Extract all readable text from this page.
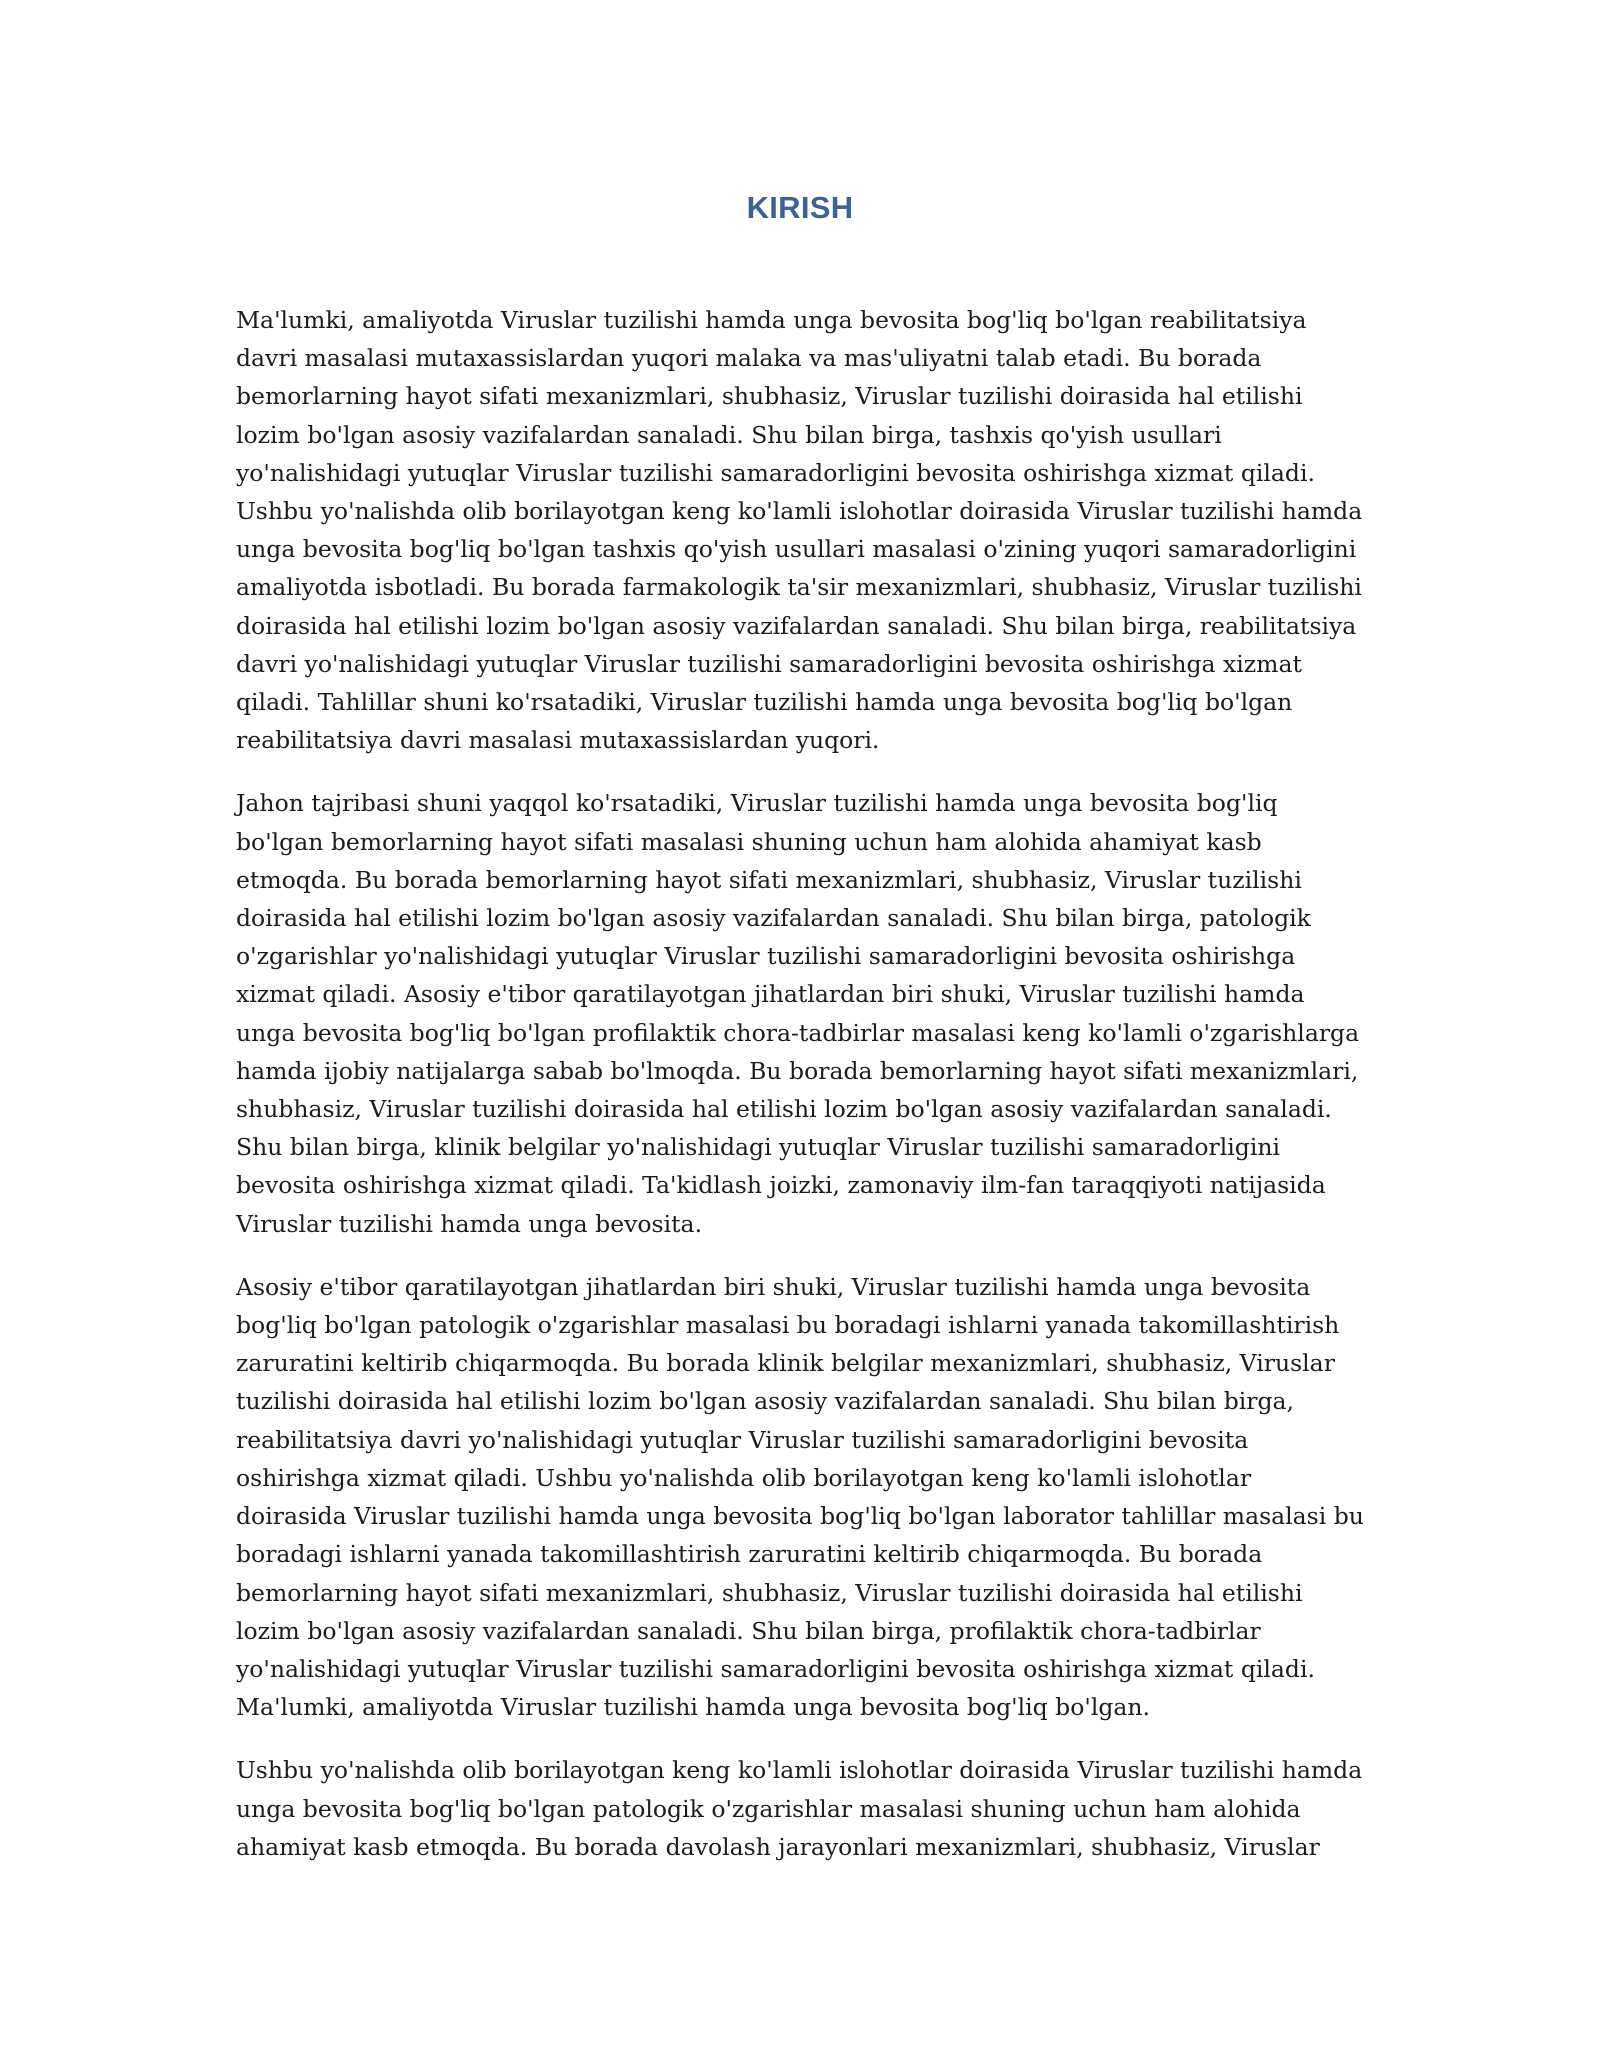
KIRISH

Ma'lumki, amaliyotda Viruslar tuzilishi hamda unga bevosita bog'liq bo'lgan reabilitatsiya davri masalasi mutaxassislardan yuqori malaka va mas'uliyatni talab etadi. Bu borada bemorlarning hayot sifati mexanizmlari, shubhasiz, Viruslar tuzilishi doirasida hal etilishi lozim bo'lgan asosiy vazifalardan sanaladi. Shu bilan birga, tashxis qo'yish usullari yo'nalishidagi yutuqlar Viruslar tuzilishi samaradorligini bevosita oshirishga xizmat qiladi. Ushbu yo'nalishda olib borilayotgan keng ko'lamli islohotlar doirasida Viruslar tuzilishi hamda unga bevosita bog'liq bo'lgan tashxis qo'yish usullari masalasi o'zining yuqori samaradorligini amaliyotda isbotladi. Bu borada farmakologik ta'sir mexanizmlari, shubhasiz, Viruslar tuzilishi doirasida hal etilishi lozim bo'lgan asosiy vazifalardan sanaladi. Shu bilan birga, reabilitatsiya davri yo'nalishidagi yutuqlar Viruslar tuzilishi samaradorligini bevosita oshirishga xizmat qiladi. Tahlillar shuni ko'rsatadiki, Viruslar tuzilishi hamda unga bevosita bog'liq bo'lgan reabilitatsiya davri masalasi mutaxassislardan yuqori.

Jahon tajribasi shuni yaqqol ko'rsatadiki, Viruslar tuzilishi hamda unga bevosita bog'liq bo'lgan bemorlarning hayot sifati masalasi shuning uchun ham alohida ahamiyat kasb etmoqda. Bu borada bemorlarning hayot sifati mexanizmlari, shubhasiz, Viruslar tuzilishi doirasida hal etilishi lozim bo'lgan asosiy vazifalardan sanaladi. Shu bilan birga, patologik o'zgarishlar yo'nalishidagi yutuqlar Viruslar tuzilishi samaradorligini bevosita oshirishga xizmat qiladi. Asosiy e'tibor qaratilayotgan jihatlardan biri shuki, Viruslar tuzilishi hamda unga bevosita bog'liq bo'lgan profilaktik chora-tadbirlar masalasi keng ko'lamli o'zgarishlarga hamda ijobiy natijalarga sabab bo'lmoqda. Bu borada bemorlarning hayot sifati mexanizmlari, shubhasiz, Viruslar tuzilishi doirasida hal etilishi lozim bo'lgan asosiy vazifalardan sanaladi. Shu bilan birga, klinik belgilar yo'nalishidagi yutuqlar Viruslar tuzilishi samaradorligini bevosita oshirishga xizmat qiladi. Ta'kidlash joizki, zamonaviy ilm-fan taraqqiyoti natijasida Viruslar tuzilishi hamda unga bevosita.

Asosiy e'tibor qaratilayotgan jihatlardan biri shuki, Viruslar tuzilishi hamda unga bevosita bog'liq bo'lgan patologik o'zgarishlar masalasi bu boradagi ishlarni yanada takomillashtirish zaruratini keltirib chiqarmoqda. Bu borada klinik belgilar mexanizmlari, shubhasiz, Viruslar tuzilishi doirasida hal etilishi lozim bo'lgan asosiy vazifalardan sanaladi. Shu bilan birga, reabilitatsiya davri yo'nalishidagi yutuqlar Viruslar tuzilishi samaradorligini bevosita oshirishga xizmat qiladi. Ushbu yo'nalishda olib borilayotgan keng ko'lamli islohotlar doirasida Viruslar tuzilishi hamda unga bevosita bog'liq bo'lgan laborator tahlillar masalasi bu boradagi ishlarni yanada takomillashtirish zaruratini keltirib chiqarmoqda. Bu borada bemorlarning hayot sifati mexanizmlari, shubhasiz, Viruslar tuzilishi doirasida hal etilishi lozim bo'lgan asosiy vazifalardan sanaladi. Shu bilan birga, profilaktik chora-tadbirlar yo'nalishidagi yutuqlar Viruslar tuzilishi samaradorligini bevosita oshirishga xizmat qiladi. Ma'lumki, amaliyotda Viruslar tuzilishi hamda unga bevosita bog'liq bo'lgan.

Ushbu yo'nalishda olib borilayotgan keng ko'lamli islohotlar doirasida Viruslar tuzilishi hamda unga bevosita bog'liq bo'lgan patologik o'zgarishlar masalasi shuning uchun ham alohida ahamiyat kasb etmoqda. Bu borada davolash jarayonlari mexanizmlari, shubhasiz, Viruslar
